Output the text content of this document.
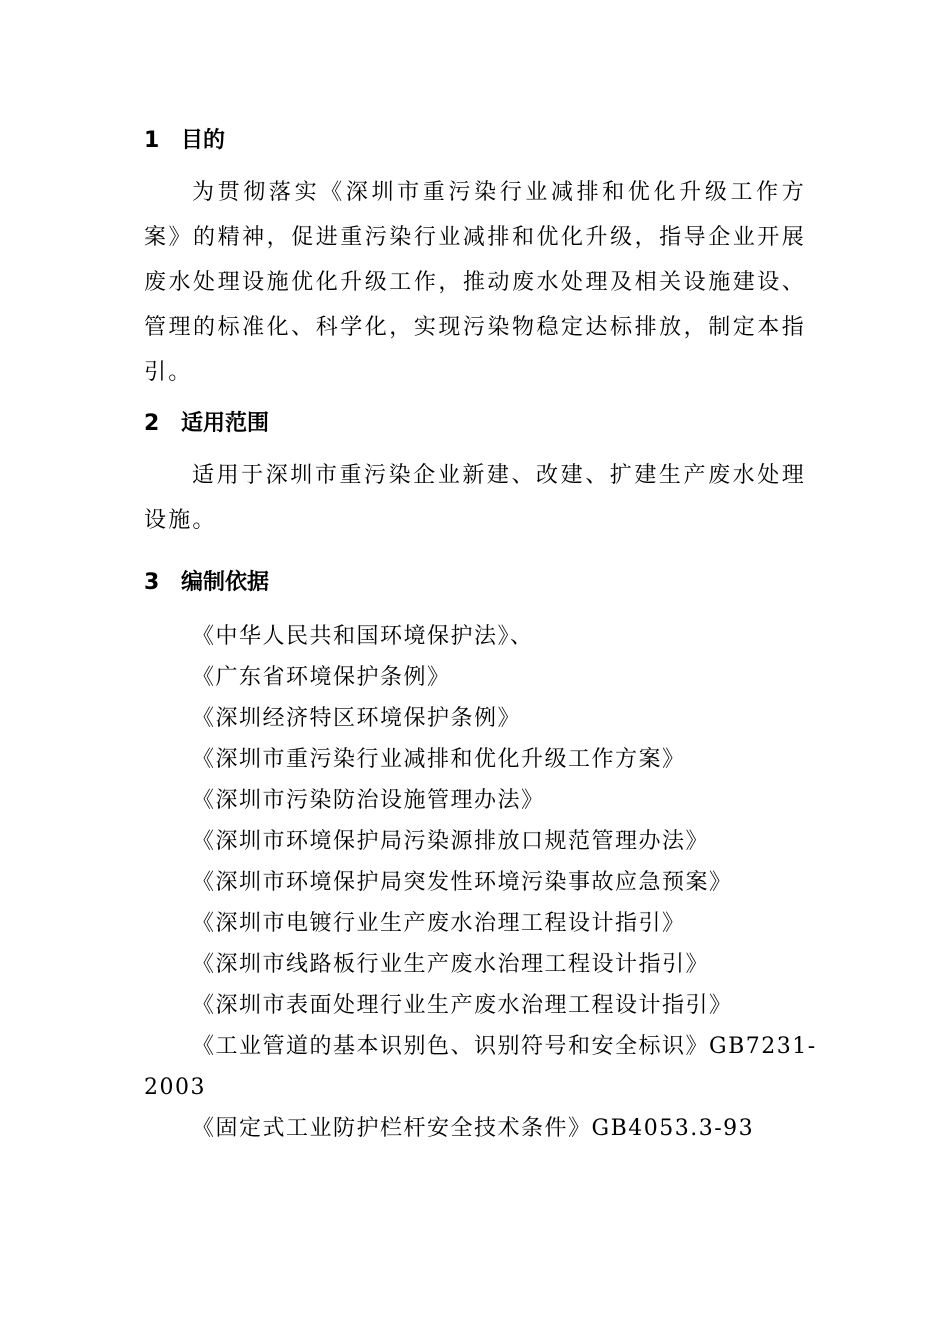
1 目的

为贯彻落实《深圳市重污染行业减排和优化升级工作方案》的精神，促进重污染行业减排和优化升级，指导企业开展废水处理设施优化升级工作，推动废水处理及相关设施建设、管理的标准化、科学化，实现污染物稳定达标排放，制定本指引。

2 适用范围

适用于深圳市重污染企业新建、改建、扩建生产废水处理设施。

3 编制依据
《中华人民共和国环境保护法》、
《广东省环境保护条例》
《深圳经济特区环境保护条例》
《深圳市重污染行业减排和优化升级工作方案》
《深圳市污染防治设施管理办法》
《深圳市环境保护局污染源排放口规范管理办法》
《深圳市环境保护局突发性环境污染事故应急预案》
《深圳市电镀行业生产废水治理工程设计指引》
《深圳市线路板行业生产废水治理工程设计指引》
《深圳市表面处理行业生产废水治理工程设计指引》
《工业管道的基本识别色、识别符号和安全标识》GB7231-
2003
《固定式工业防护栏杆安全技术条件》GB4053.3-93
